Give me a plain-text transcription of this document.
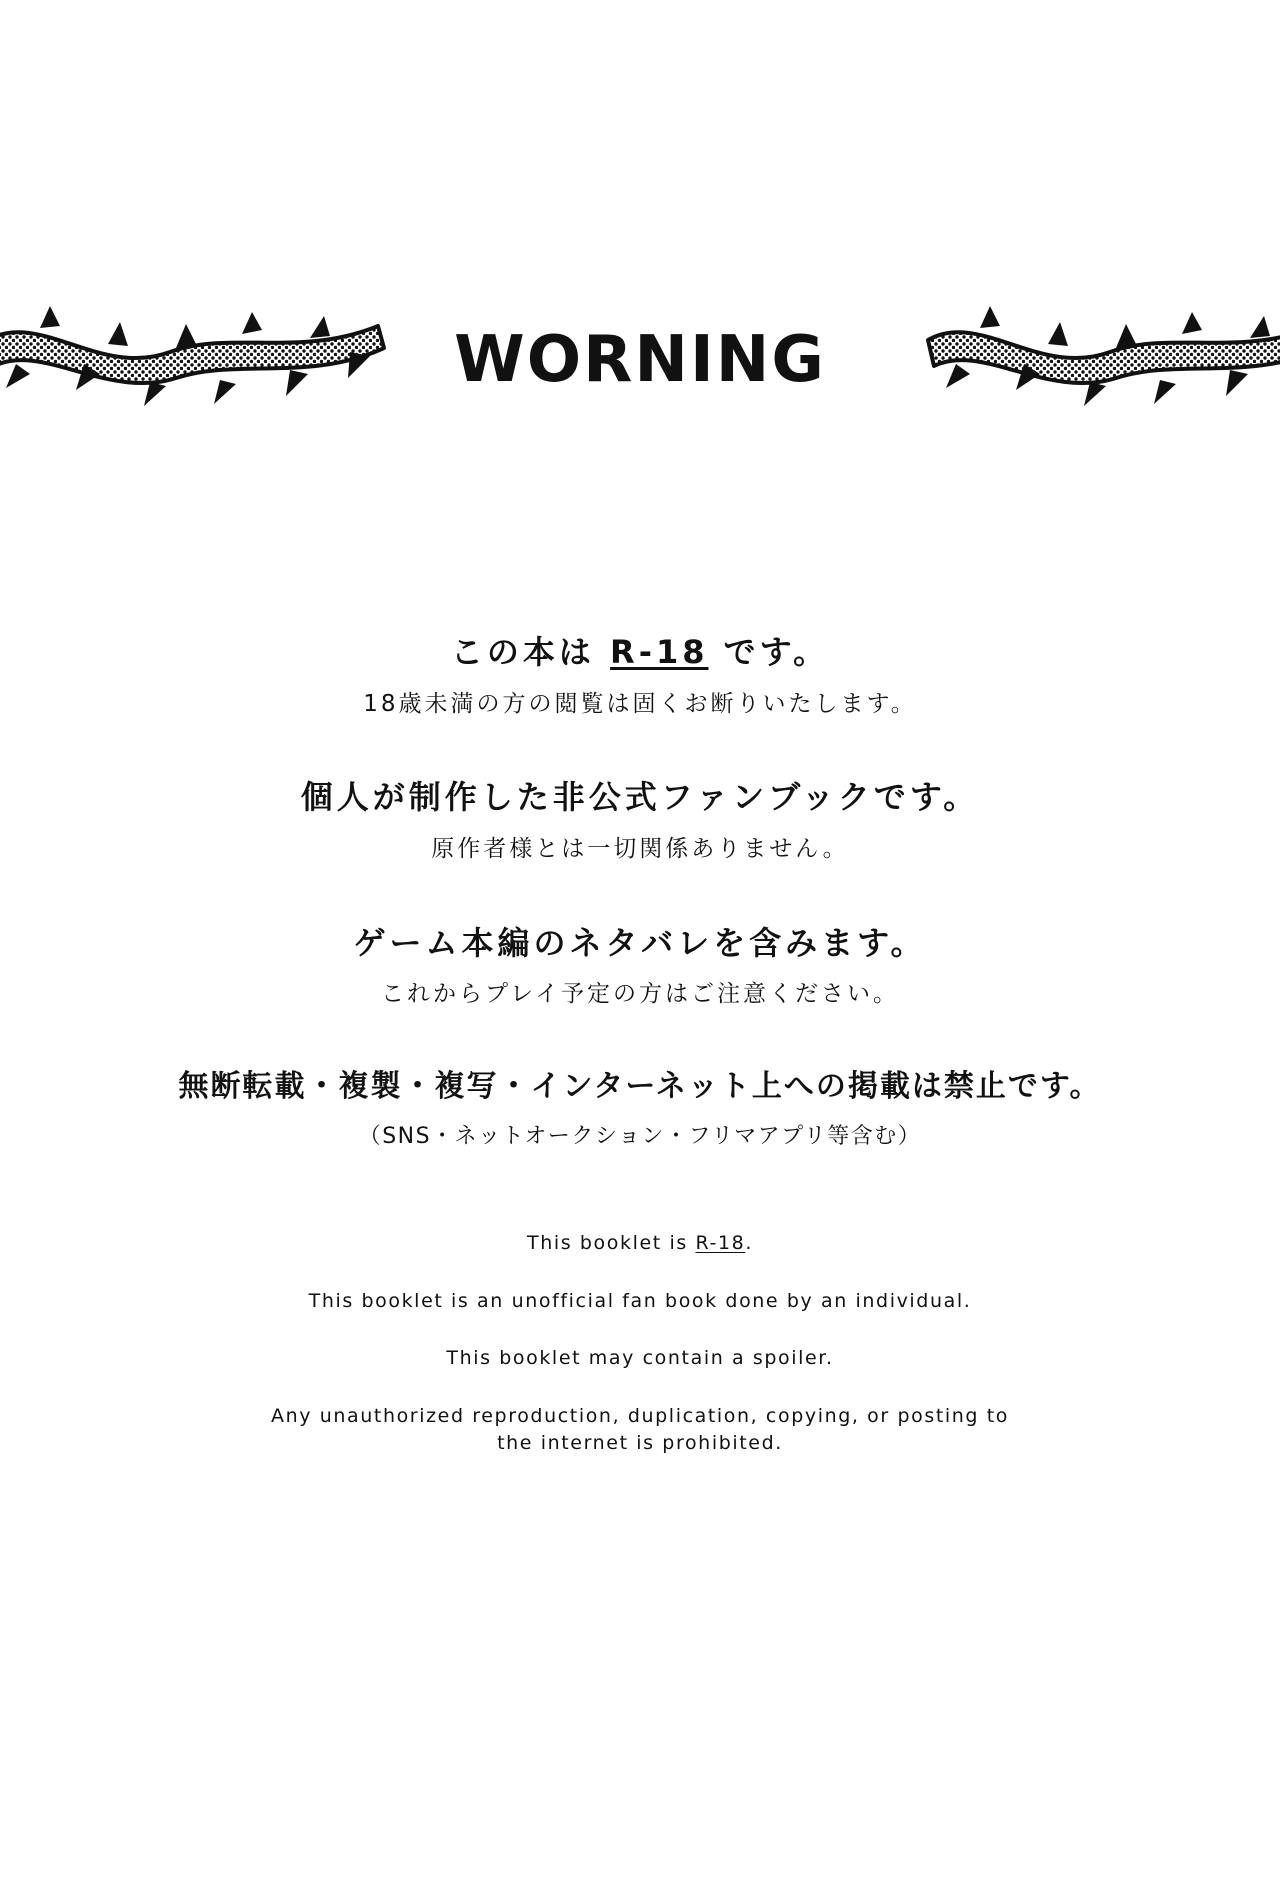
WORNING
この本は R-18 です。
18歳未満の方の閲覧は固くお断りいたします。
個人が制作した非公式ファンブックです。
原作者様とは一切関係ありません。
ゲーム本編のネタバレを含みます。
これからプレイ予定の方はご注意ください。
無断転載・複製・複写・インターネット上への掲載は禁止です。
（SNS・ネットオークション・フリマアプリ等含む）
This booklet is R-18.
This booklet is an unofficial fan book done by an individual.
This booklet may contain a spoiler.
Any unauthorized reproduction, duplication, copying, or posting to
the internet is prohibited.
